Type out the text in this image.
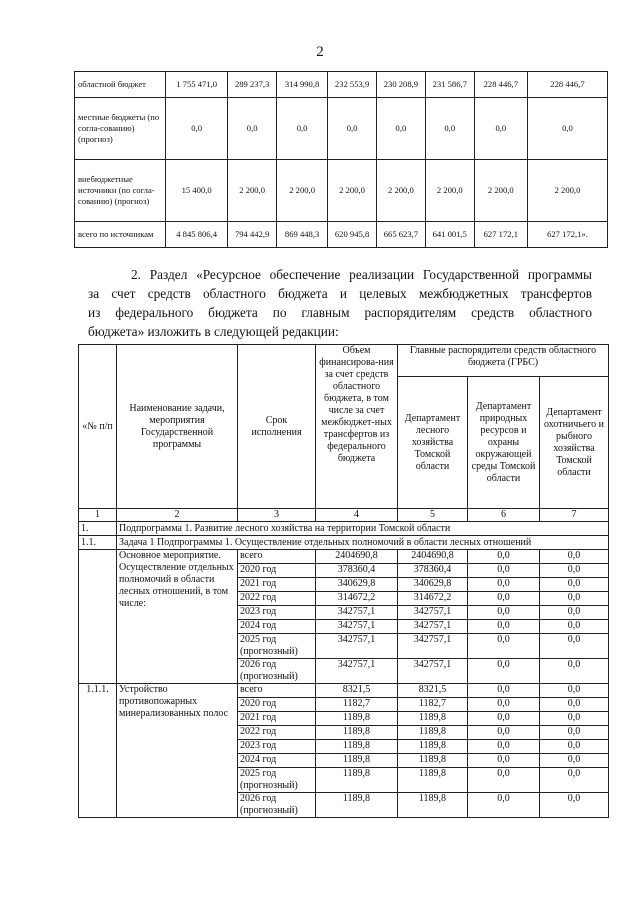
2
областной бюджет	1 755 471,0	289 237,3	314 990,8	232 553,9	230 208,9	231 586,7	228 446,7	228 446,7
местные бюджеты (по согла-сованию) (прогноз)	0,0	0,0	0,0	0,0	0,0	0,0	0,0	0,0
внебюджетные источники (по согла-сованию) (прогноз)	15 400,0	2 200,0	2 200,0	2 200,0	2 200,0	2 200,0	2 200,0	2 200,0
всего по источникам	4 845 806,4	794 442,9	869 448,3	620 945,8	665 623,7	641 001,5	627 172,1	627 172,1».
2. Раздел «Ресурсное обеспечение реализации Государственной программы
за счет средств областного бюджета и целевых межбюджетных трансфертов
из федерального бюджета по главным распорядителям средств областного
бюджета» изложить в следующей редакции:
«№ п/п	Наименование задачи, мероприятия Государственной программы	Срок исполнения	Объем финансирова-ния за счет средств областного бюджета, в том числе за счет межбюджет-ных трансфертов из федерального бюджета	Главные распорядители средств областного бюджета (ГРБС)		
				Департамент лесного хозяйства Томской области	Департамент природных ресурсов и охраны окружающей среды Томской области	Департамент охотничьего и рыбного хозяйства Томской области
1	2	3	4	5	6	7
1.	Подпрограмма 1. Развитие лесного хозяйства на территории Томской области					
1.1.	Задача 1 Подпрограммы 1. Осуществление отдельных полномочий в области лесных отношений					
	Основное мероприятие. Осуществление отдельных полномочий в области лесных отношений, в том числе:	всего	2404690,8	2404690,8	0,0	0,0
		2020 год	378360,4	378360,4	0,0	0,0
		2021 год	340629,8	340629,8	0,0	0,0
		2022 год	314672,2	314672,2	0,0	0,0
		2023 год	342757,1	342757,1	0,0	0,0
		2024 год	342757,1	342757,1	0,0	0,0
		2025 год (прогнозный)	342757,1	342757,1	0,0	0,0
		2026 год (прогнозный)	342757,1	342757,1	0,0	0,0
1.1.1.	Устройство противопожарных минерализованных полос	всего	8321,5	8321,5	0,0	0,0
		2020 год	1182,7	1182,7	0,0	0,0
		2021 год	1189,8	1189,8	0,0	0,0
		2022 год	1189,8	1189,8	0,0	0,0
		2023 год	1189,8	1189,8	0,0	0,0
		2024 год	1189,8	1189,8	0,0	0,0
		2025 год (прогнозный)	1189,8	1189,8	0,0	0,0
		2026 год (прогнозный)	1189,8	1189,8	0,0	0,0
